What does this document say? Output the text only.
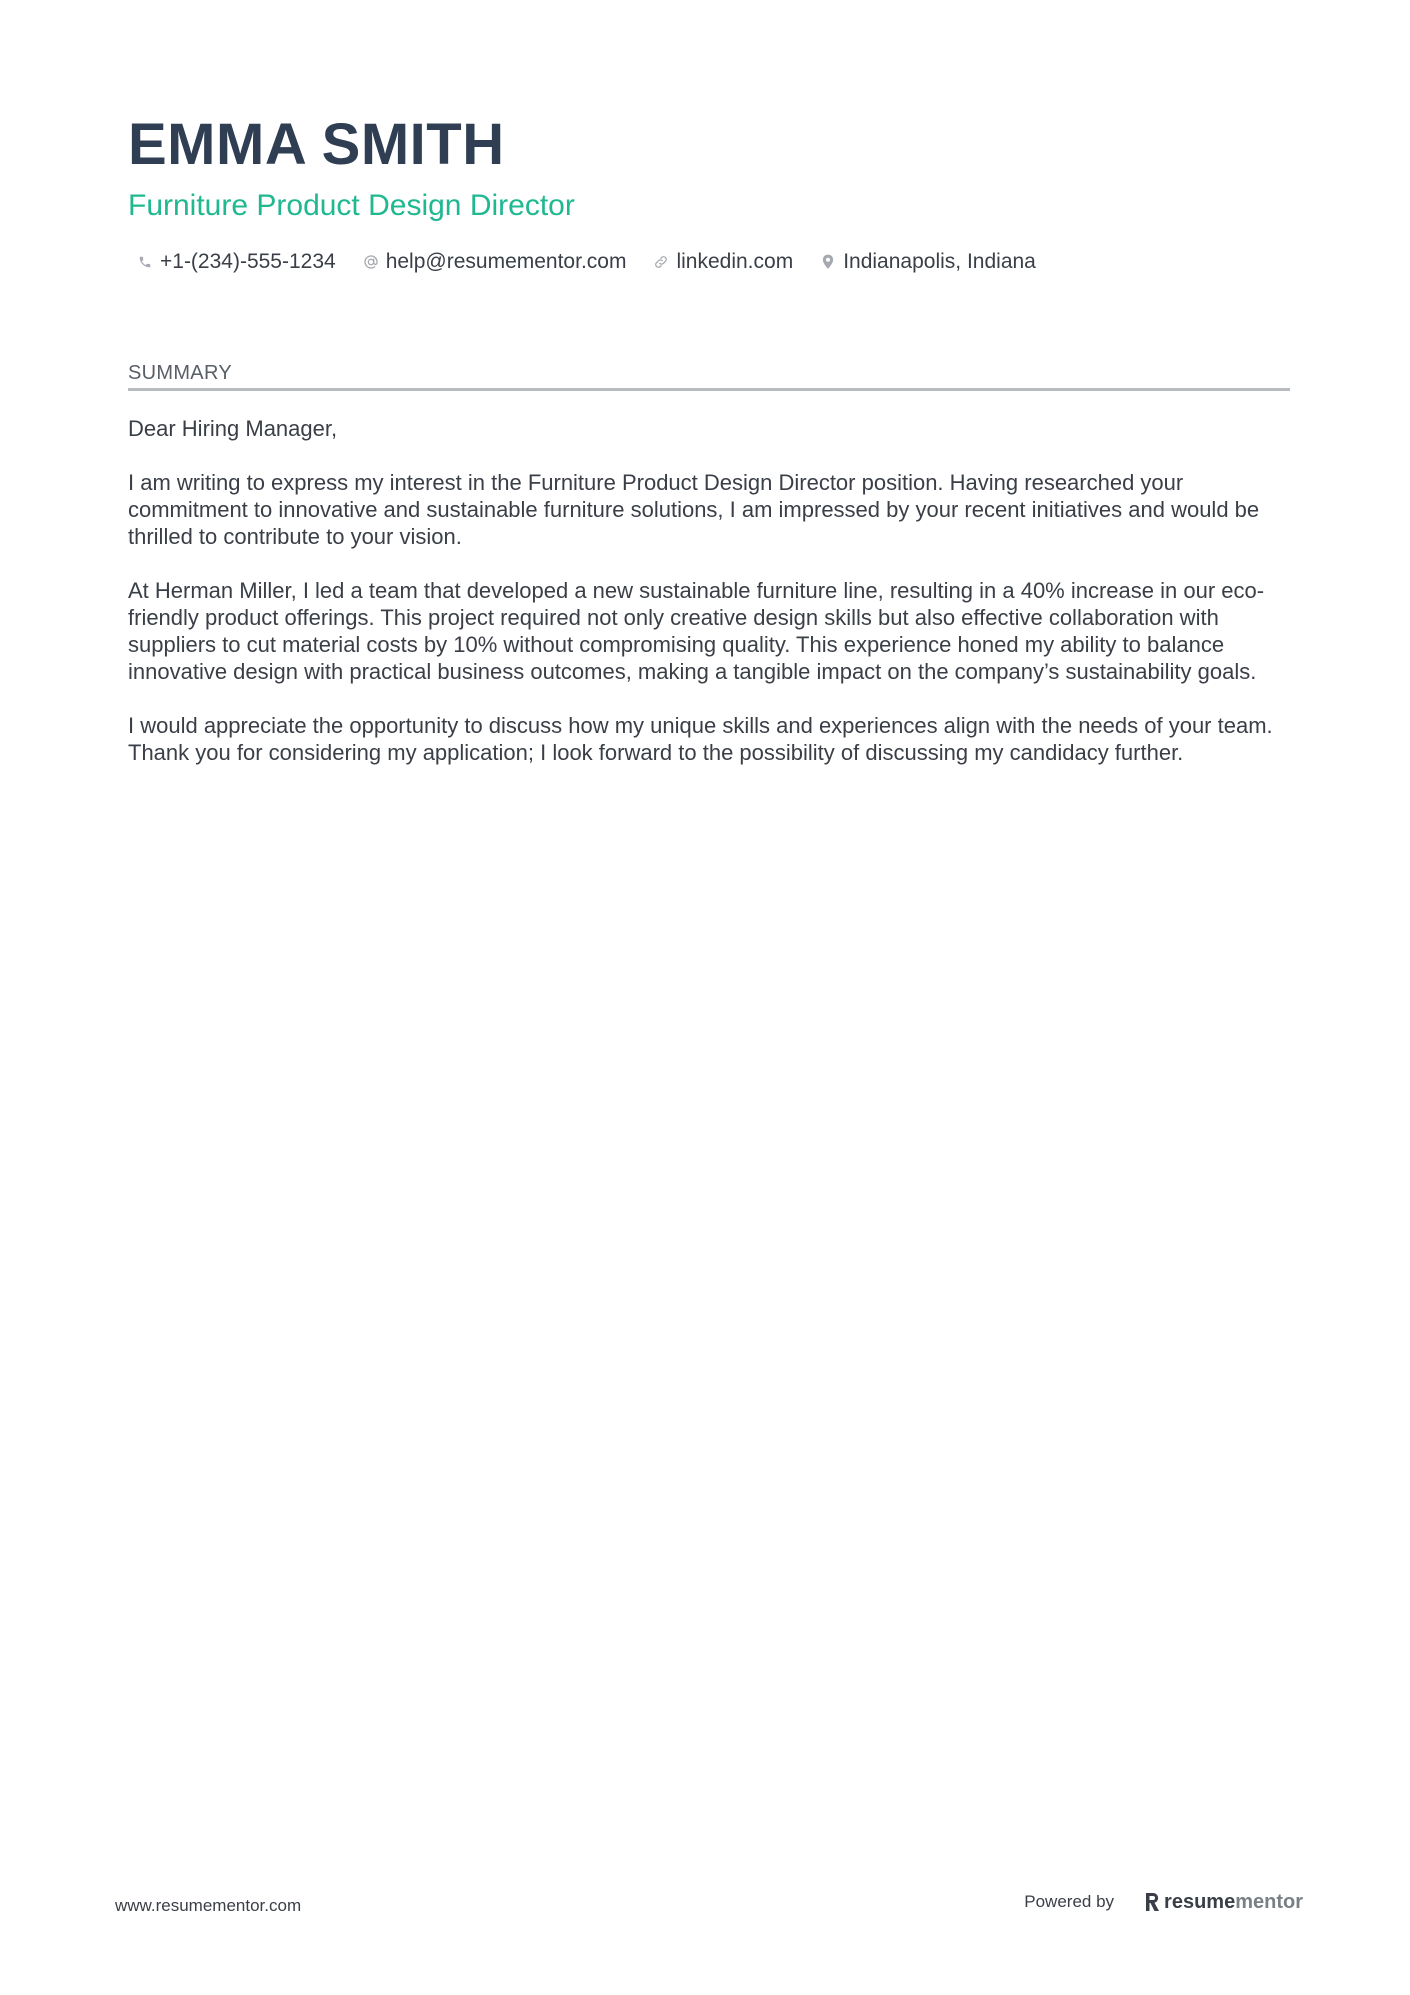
EMMA SMITH
Furniture Product Design Director
+1-(234)-555-1234 help@resumementor.com linkedin.com Indianapolis, Indiana
SUMMARY

Dear Hiring Manager,

I am writing to express my interest in the Furniture Product Design Director position. Having researched your commitment to innovative and sustainable furniture solutions, I am impressed by your recent initiatives and would be thrilled to contribute to your vision.

At Herman Miller, I led a team that developed a new sustainable furniture line, resulting in a 40% increase in our eco-friendly product offerings. This project required not only creative design skills but also effective collaboration with suppliers to cut material costs by 10% without compromising quality. This experience honed my ability to balance innovative design with practical business outcomes, making a tangible impact on the company’s sustainability goals.

I would appreciate the opportunity to discuss how my unique skills and experiences align with the needs of your team. Thank you for considering my application; I look forward to the possibility of discussing my candidacy further.

www.resumementor.com	Powered by	resume mentor
